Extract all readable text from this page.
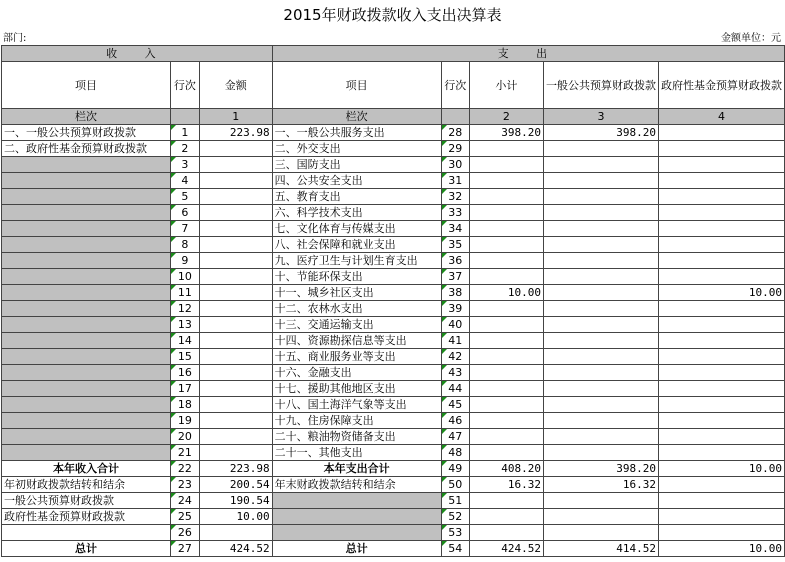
2015年财政拨款收入支出决算表
部门:	金额单位：元
收 入			支 出				
项目	行次	金额	项目	行次	小计	一般公共预算财政拨款	政府性基金预算财政拨款
栏次		1	栏次		2	3	4
一、一般公共预算财政拨款	1	223.98	一、一般公共服务支出	28	398.20	398.20	
二、政府性基金预算财政拨款	2		二、外交支出	29			
	3		三、国防支出	30			
	4		四、公共安全支出	31			
	5		五、教育支出	32			
	6		六、科学技术支出	33			
	7		七、文化体育与传媒支出	34			
	8		八、社会保障和就业支出	35			
	9		九、医疗卫生与计划生育支出	36			
	10		十、节能环保支出	37			
	11		十一、城乡社区支出	38	10.00		10.00
	12		十二、农林水支出	39			
	13		十三、交通运输支出	40			
	14		十四、资源勘探信息等支出	41			
	15		十五、商业服务业等支出	42			
	16		十六、金融支出	43			
	17		十七、援助其他地区支出	44			
	18		十八、国土海洋气象等支出	45			
	19		十九、住房保障支出	46			
	20		二十、粮油物资储备支出	47			
	21		二十一、其他支出	48			
本年收入合计	22	223.98	本年支出合计	49	408.20	398.20	10.00
年初财政拨款结转和结余	23	200.54	年末财政拨款结转和结余	50	16.32	16.32	
一般公共预算财政拨款	24	190.54		51			
政府性基金预算财政拨款	25	10.00		52			
	26			53			
总计	27	424.52	总计	54	424.52	414.52	10.00
